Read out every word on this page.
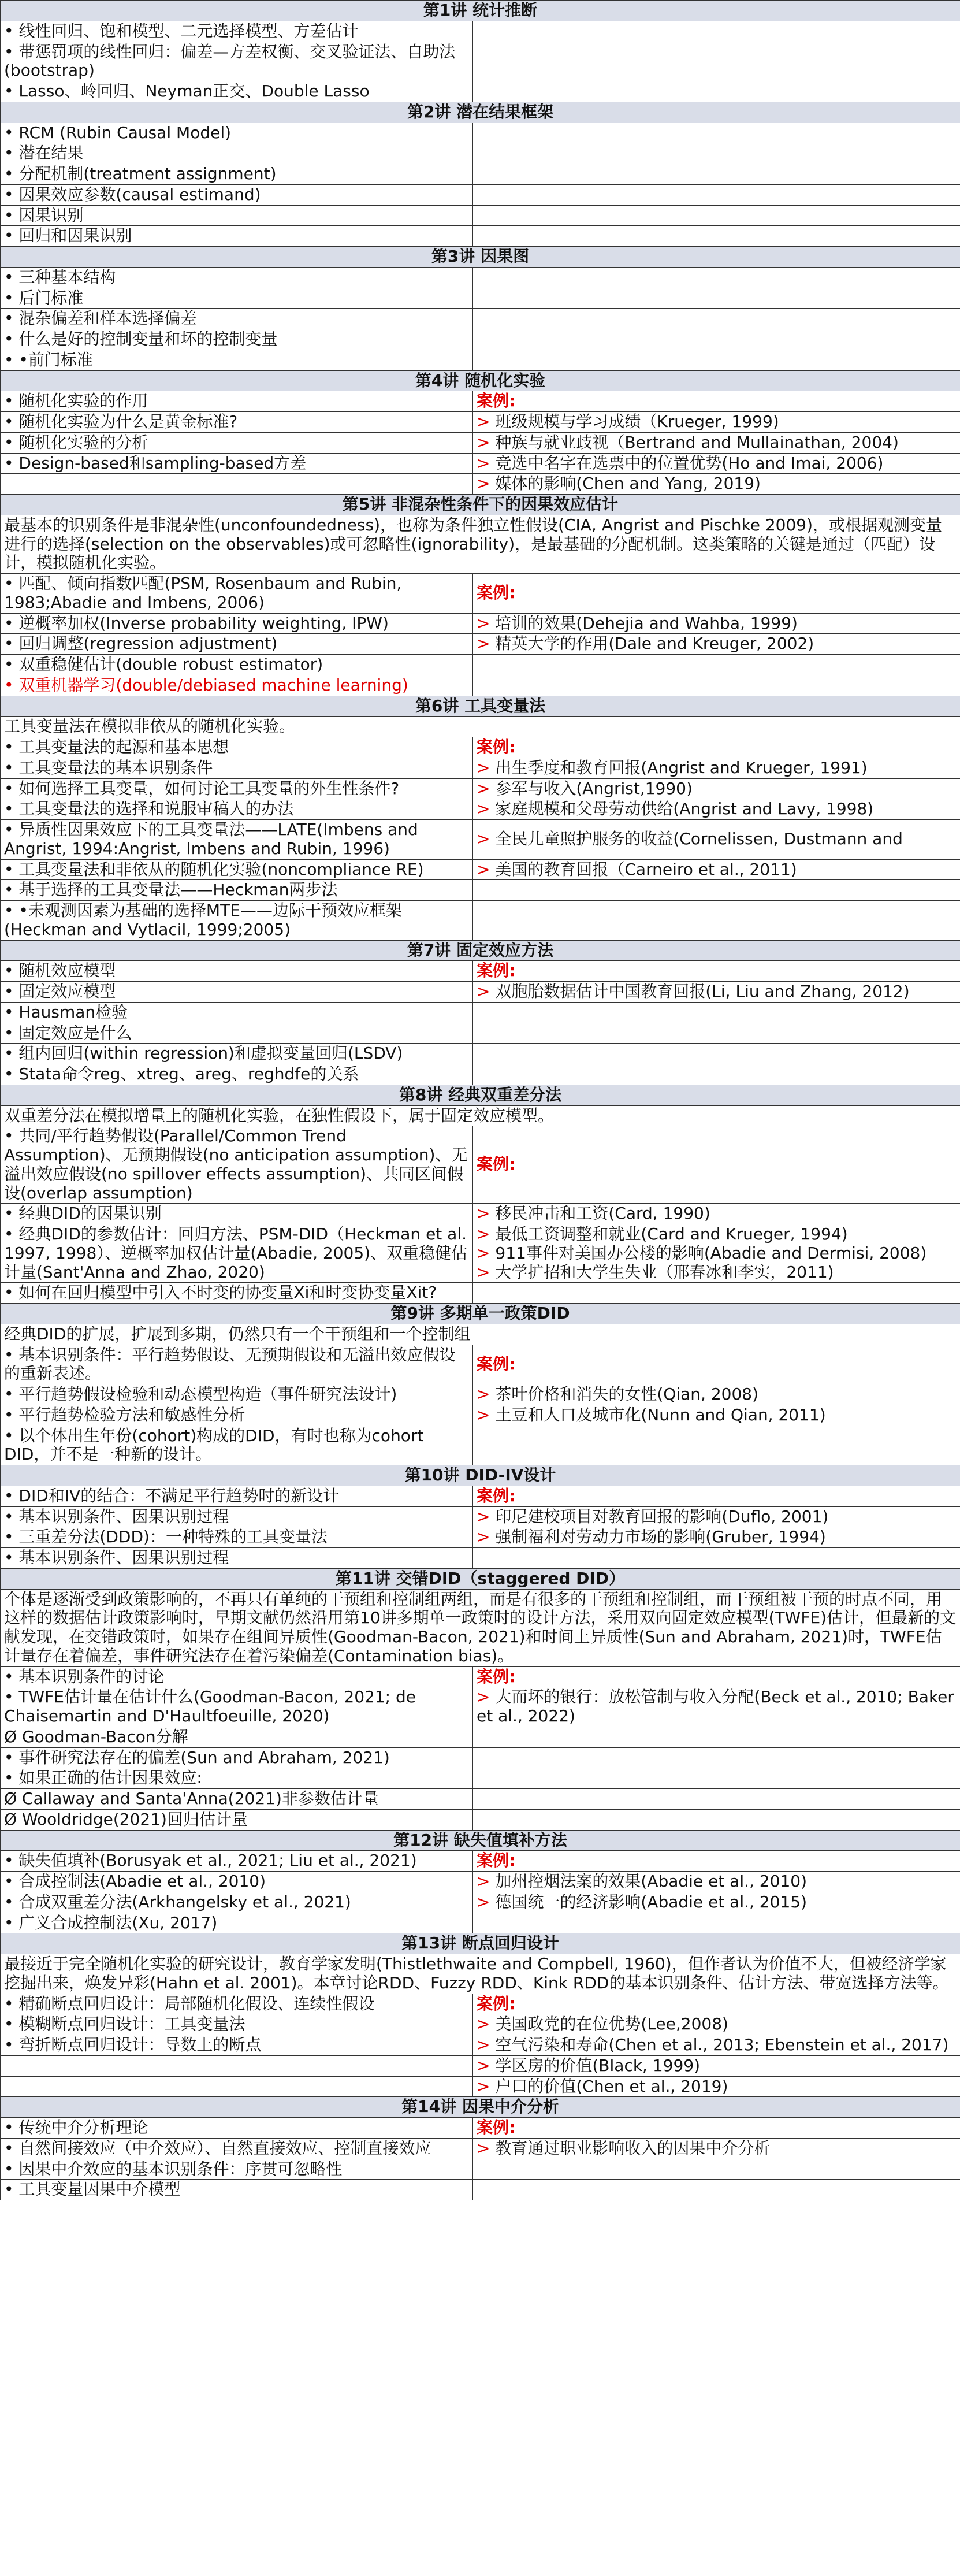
第1讲 统计推断	
• 线性回归、饱和模型、二元选择模型、方差估计	
• 带惩罚项的线性回归：偏差—方差权衡、交叉验证法、自助法(bootstrap)	
• Lasso、岭回归、Neyman正交、Double Lasso	
第2讲 潜在结果框架	
• RCM (Rubin Causal Model)	
• 潜在结果	
• 分配机制(treatment assignment)	
• 因果效应参数(causal estimand)	
• 因果识别	
• 回归和因果识别	
第3讲 因果图	
• 三种基本结构	
• 后门标准	
• 混杂偏差和样本选择偏差	
• 什么是好的控制变量和坏的控制变量	
• •前门标准	
第4讲 随机化实验	
• 随机化实验的作用	案例:
• 随机化实验为什么是黄金标准?	> 班级规模与学习成绩（Krueger, 1999)
• 随机化实验的分析	> 种族与就业歧视（Bertrand and Mullainathan, 2004)
• Design-based和sampling-based方差	> 竞选中名字在选票中的位置优势(Ho and Imai, 2006)
	> 媒体的影响(Chen and Yang, 2019)
第5讲 非混杂性条件下的因果效应估计	
最基本的识别条件是非混杂性(unconfoundedness)，也称为条件独立性假设(CIA, Angrist and Pischke 2009)，或根据观测变量进行的选择(selection on the observables)或可忽略性(ignorability)，是最基础的分配机制。这类策略的关键是通过（匹配）设计，模拟随机化实验。	
• 匹配、倾向指数匹配(PSM, Rosenbaum and Rubin, 1983;Abadie and Imbens, 2006)	案例:
• 逆概率加权(Inverse probability weighting, IPW)	> 培训的效果(Dehejia and Wahba, 1999)
• 回归调整(regression adjustment)	> 精英大学的作用(Dale and Kreuger, 2002)
• 双重稳健估计(double robust estimator)	
• 双重机器学习(double/debiased machine learning)	
第6讲 工具变量法	
工具变量法在模拟非依从的随机化实验。	
• 工具变量法的起源和基本思想	案例:
• 工具变量法的基本识别条件	> 出生季度和教育回报(Angrist and Krueger, 1991)
• 如何选择工具变量，如何讨论工具变量的外生性条件?	> 参军与收入(Angrist,1990)
• 工具变量法的选择和说服审稿人的办法	> 家庭规模和父母劳动供给(Angrist and Lavy, 1998)
• 异质性因果效应下的工具变量法——LATE(Imbens and Angrist, 1994:Angrist, Imbens and Rubin, 1996)	> 全民儿童照护服务的收益(Cornelissen, Dustmann and
• 工具变量法和非依从的随机化实验(noncompliance RE)	> 美国的教育回报（Carneiro et al., 2011)
• 基于选择的工具变量法——Heckman两步法	
• •未观测因素为基础的选择MTE——边际干预效应框架(Heckman and Vytlacil, 1999;2005)	
第7讲 固定效应方法	
• 随机效应模型	案例:
• 固定效应模型	> 双胞胎数据估计中国教育回报(Li, Liu and Zhang, 2012)
• Hausman检验	
• 固定效应是什么	
• 组内回归(within regression)和虚拟变量回归(LSDV)	
• Stata命令reg、xtreg、areg、reghdfe的关系	
第8讲 经典双重差分法	
双重差分法在模拟增量上的随机化实验，在独性假设下，属于固定效应模型。	
• 共同/平行趋势假设(Parallel/Common Trend Assumption)、无预期假设(no anticipation assumption)、无溢出效应假设(no spillover effects assumption)、共同区间假设(overlap assumption)	案例:
• 经典DID的因果识别	> 移民冲击和工资(Card, 1990)
• 经典DID的参数估计：回归方法、PSM-DID（Heckman et al. 1997, 1998）、逆概率加权估计量(Abadie, 2005)、双重稳健估计量(Sant'Anna and Zhao, 2020)	> 最低工资调整和就业(Card and Krueger, 1994)
> 911事件对美国办公楼的影响(Abadie and Dermisi, 2008)
> 大学扩招和大学生失业（邢春冰和李实，2011)

• 如何在回归模型中引入不时变的协变量Xi和时变协变量Xit?	
第9讲 多期单一政策DID	
经典DID的扩展，扩展到多期，仍然只有一个干预组和一个控制组	
• 基本识别条件：平行趋势假设、无预期假设和无溢出效应假设的重新表述。	案例:
• 平行趋势假设检验和动态模型构造（事件研究法设计)	> 茶叶价格和消失的女性(Qian, 2008)
• 平行趋势检验方法和敏感性分析	> 土豆和人口及城市化(Nunn and Qian, 2011)
• 以个体出生年份(cohort)构成的DID，有时也称为cohort DID，并不是一种新的设计。	
第10讲 DID-IV设计	
• DID和IV的结合：不满足平行趋势时的新设计	案例:
• 基本识别条件、因果识别过程	> 印尼建校项目对教育回报的影响(Duflo, 2001)
• 三重差分法(DDD)：一种特殊的工具变量法	> 强制福利对劳动力市场的影响(Gruber, 1994)
• 基本识别条件、因果识别过程	
第11讲 交错DID（staggered DID）	
个体是逐渐受到政策影响的，不再只有单纯的干预组和控制组两组，而是有很多的干预组和控制组，而干预组被干预的时点不同，用这样的数据估计政策影响时，早期文献仍然沿用第10讲多期单一政策时的设计方法，采用双向固定效应模型(TWFE)估计，但最新的文献发现，在交错政策时，如果存在组间异质性(Goodman-Bacon, 2021)和时间上异质性(Sun and Abraham, 2021)时，TWFE估计量存在着偏差，事件研究法存在着污染偏差(Contamination bias)。	
• 基本识别条件的讨论	案例:
• TWFE估计量在估计什么(Goodman-Bacon, 2021; de Chaisemartin and D'Haultfoeuille, 2020)	> 大而坏的银行：放松管制与收入分配(Beck et al., 2010; Baker et al., 2022)
Ø Goodman-Bacon分解	
• 事件研究法存在的偏差(Sun and Abraham, 2021)	
• 如果正确的估计因果效应:	
Ø Callaway and Santa'Anna(2021)非参数估计量	
Ø Wooldridge(2021)回归估计量	
第12讲 缺失值填补方法	
• 缺失值填补(Borusyak et al., 2021; Liu et al., 2021)	案例:
• 合成控制法(Abadie et al., 2010)	> 加州控烟法案的效果(Abadie et al., 2010)
• 合成双重差分法(Arkhangelsky et al., 2021)	> 德国统一的经济影响(Abadie et al., 2015)
• 广义合成控制法(Xu, 2017)	
第13讲 断点回归设计	
最接近于完全随机化实验的研究设计，教育学家发明(Thistlethwaite and Compbell, 1960)，但作者认为价值不大，但被经济学家挖掘出来，焕发异彩(Hahn et al. 2001)。本章讨论RDD、Fuzzy RDD、Kink RDD的基本识别条件、估计方法、带宽选择方法等。	
• 精确断点回归设计：局部随机化假设、连续性假设	案例:
• 模糊断点回归设计：工具变量法	> 美国政党的在位优势(Lee,2008)
• 弯折断点回归设计：导数上的断点	> 空气污染和寿命(Chen et al., 2013; Ebenstein et al., 2017)
	> 学区房的价值(Black, 1999)
	> 户口的价值(Chen et al., 2019)
第14讲 因果中介分析	
• 传统中介分析理论	案例:
• 自然间接效应（中介效应）、自然直接效应、控制直接效应	> 教育通过职业影响收入的因果中介分析
• 因果中介效应的基本识别条件：序贯可忽略性	
• 工具变量因果中介模型	
